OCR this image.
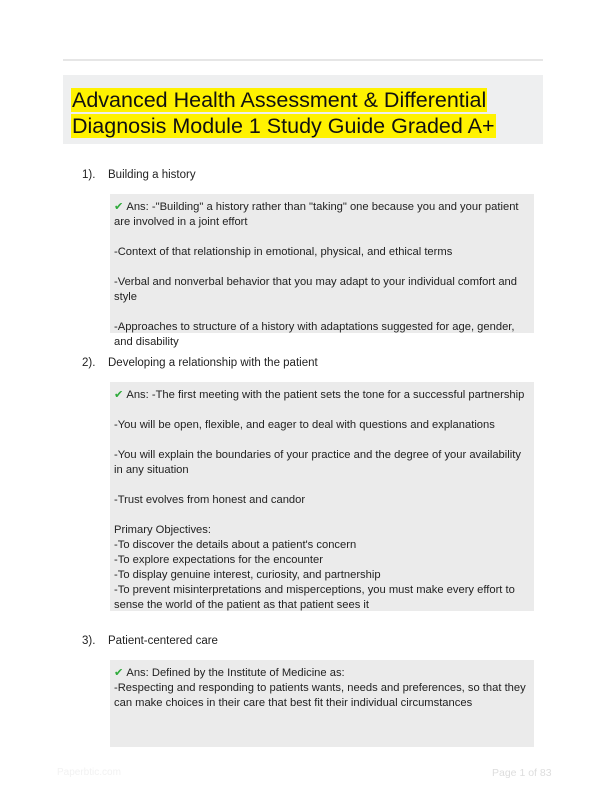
Advanced Health Assessment & Differential
Diagnosis Module 1 Study Guide Graded A+
1). Building a history

✔ Ans: -"Building" a history rather than "taking" one because you and your patient are involved in a joint effort

-Context of that relationship in emotional, physical, and ethical terms

-Verbal and nonverbal behavior that you may adapt to your individual comfort and style

-Approaches to structure of a history with adaptations suggested for age, gender, and disability

2). Developing a relationship with the patient

✔ Ans: -The first meeting with the patient sets the tone for a successful partnership

-You will be open, flexible, and eager to deal with questions and explanations

-You will explain the boundaries of your practice and the degree of your availability in any situation

-Trust evolves from honest and candor

Primary Objectives:
-To discover the details about a patient's concern
-To explore expectations for the encounter
-To display genuine interest, curiosity, and partnership
-To prevent misinterpretations and misperceptions, you must make every effort to sense the world of the patient as that patient sees it

3). Patient-centered care

✔ Ans: Defined by the Institute of Medicine as:
-Respecting and responding to patients wants, needs and preferences, so that they can make choices in their care that best fit their individual circumstances

Paperbtic.com	Page 1 of 83
